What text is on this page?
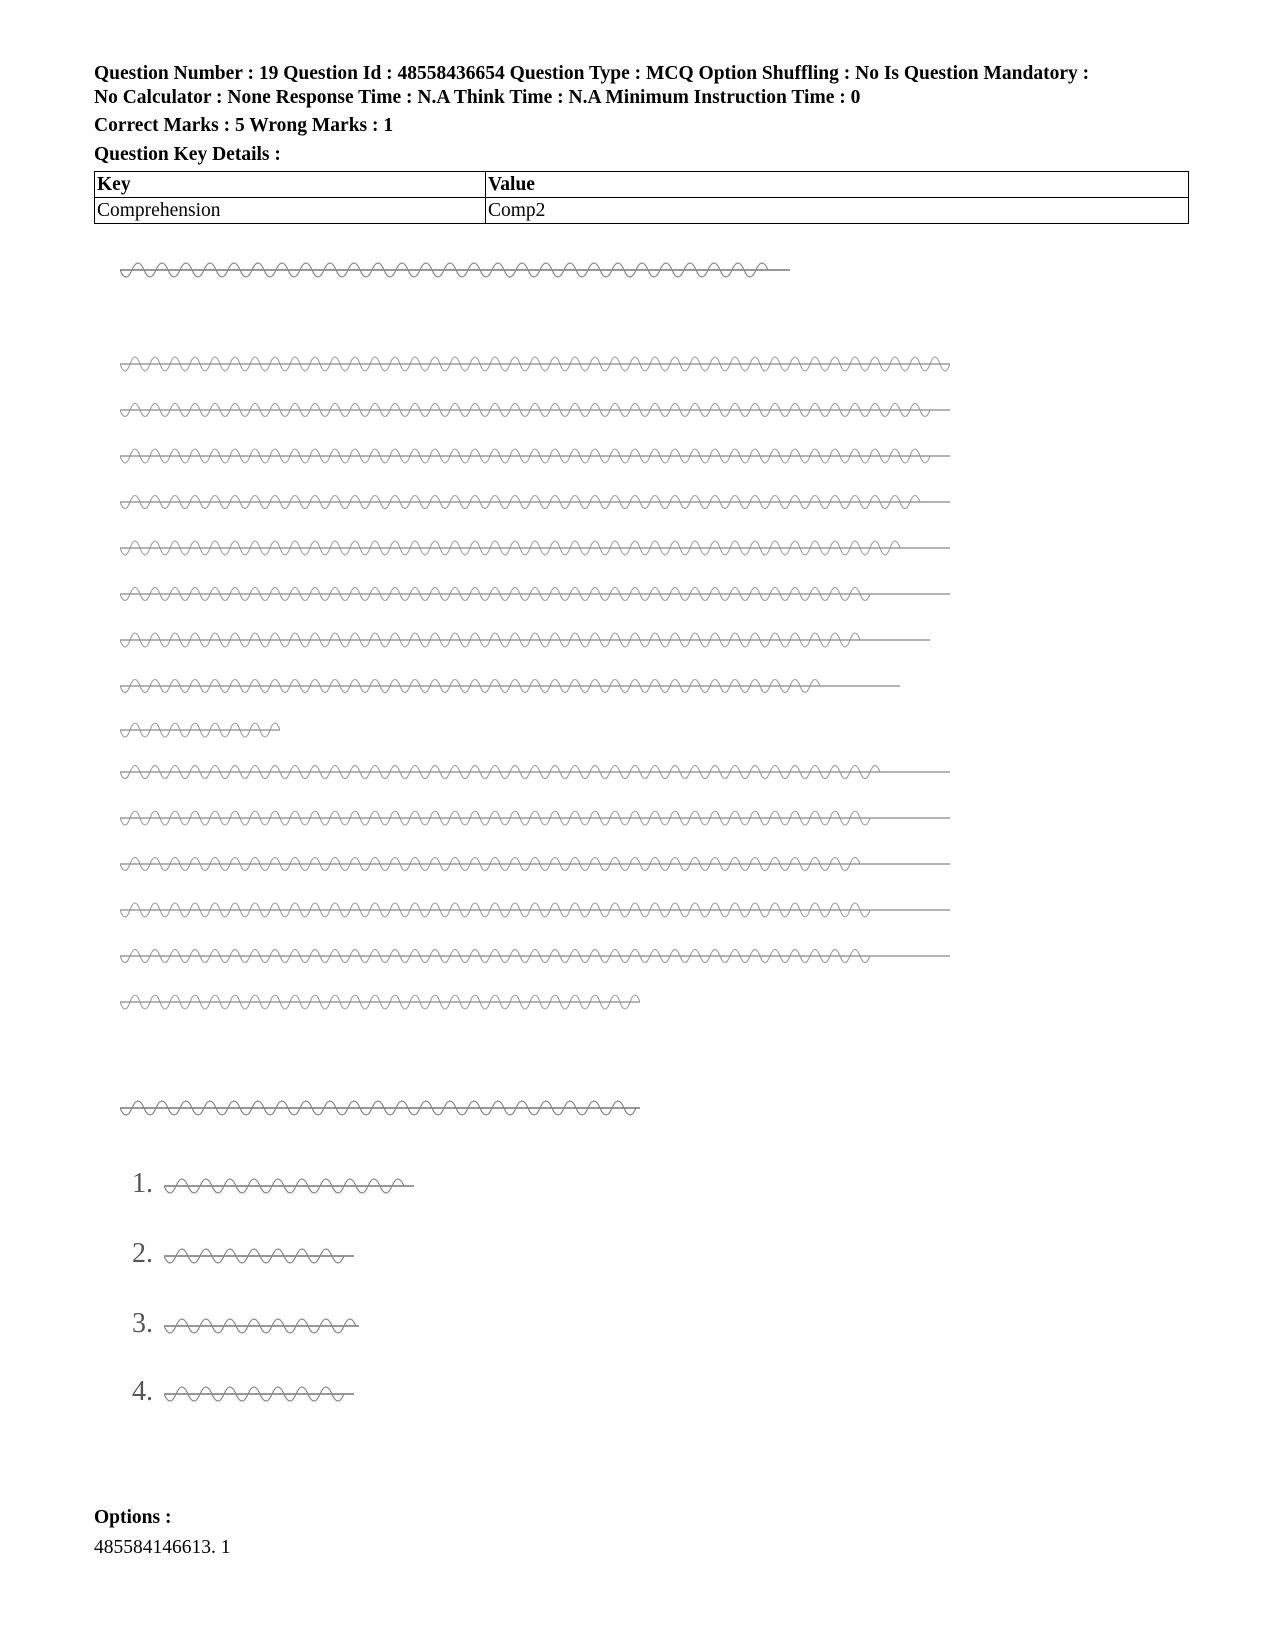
Question Number : 19 Question Id : 48558436654 Question Type : MCQ Option Shuffling : No Is Question Mandatory :
No Calculator : None Response Time : N.A Think Time : N.A Minimum Instruction Time : 0
Correct Marks : 5 Wrong Marks : 1
Question Key Details :
Key	Value
Comprehension	Comp2
1.
2.
3.
4.
Options :
485584146613. 1
